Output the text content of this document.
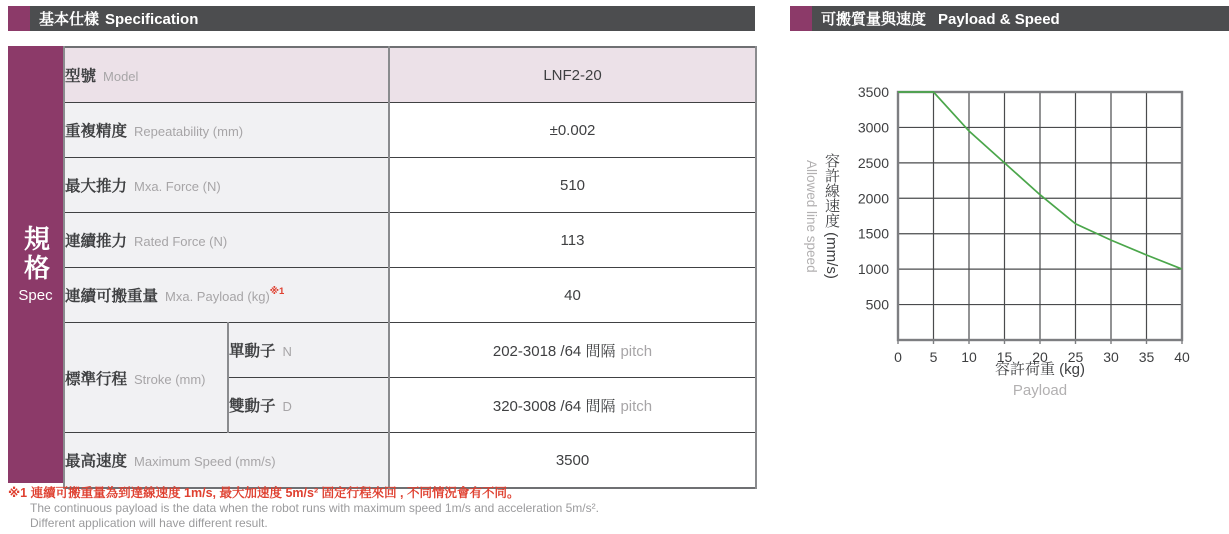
基本仕樣 Specification
規格
Spec
型號 Model		LNF2-20
重複精度 Repeatability (mm)		±0.002
最大推力 Mxa. Force (N)		510
連續推力 Rated Force (N)		113
連續可搬重量 Mxa. Payload (kg)$^{※1}$		40
標準行程 Stroke (mm)	單動子 N	202-3018 /64 間隔 pitch
	雙動子 D	320-3008 /64 間隔 pitch
最高速度 Maximum Speed (mm/s)		3500
※1 連續可搬重量為到達線速度 1m/s, 最大加速度 5m/s² 固定行程來回 , 不同情況會有不同。
The continuous payload is the data when the robot runs with maximum speed 1m/s and acceleration 5m/s².
Different application will have different result.
可搬質量與速度 Payload & Speed
Allowed line speed 容許線速度 (mm/s)
0 5 10 15 20 25 30 35 40
500
1000
1500
2000
2500
3000
3500
容許荷重 (kg)
Payload
